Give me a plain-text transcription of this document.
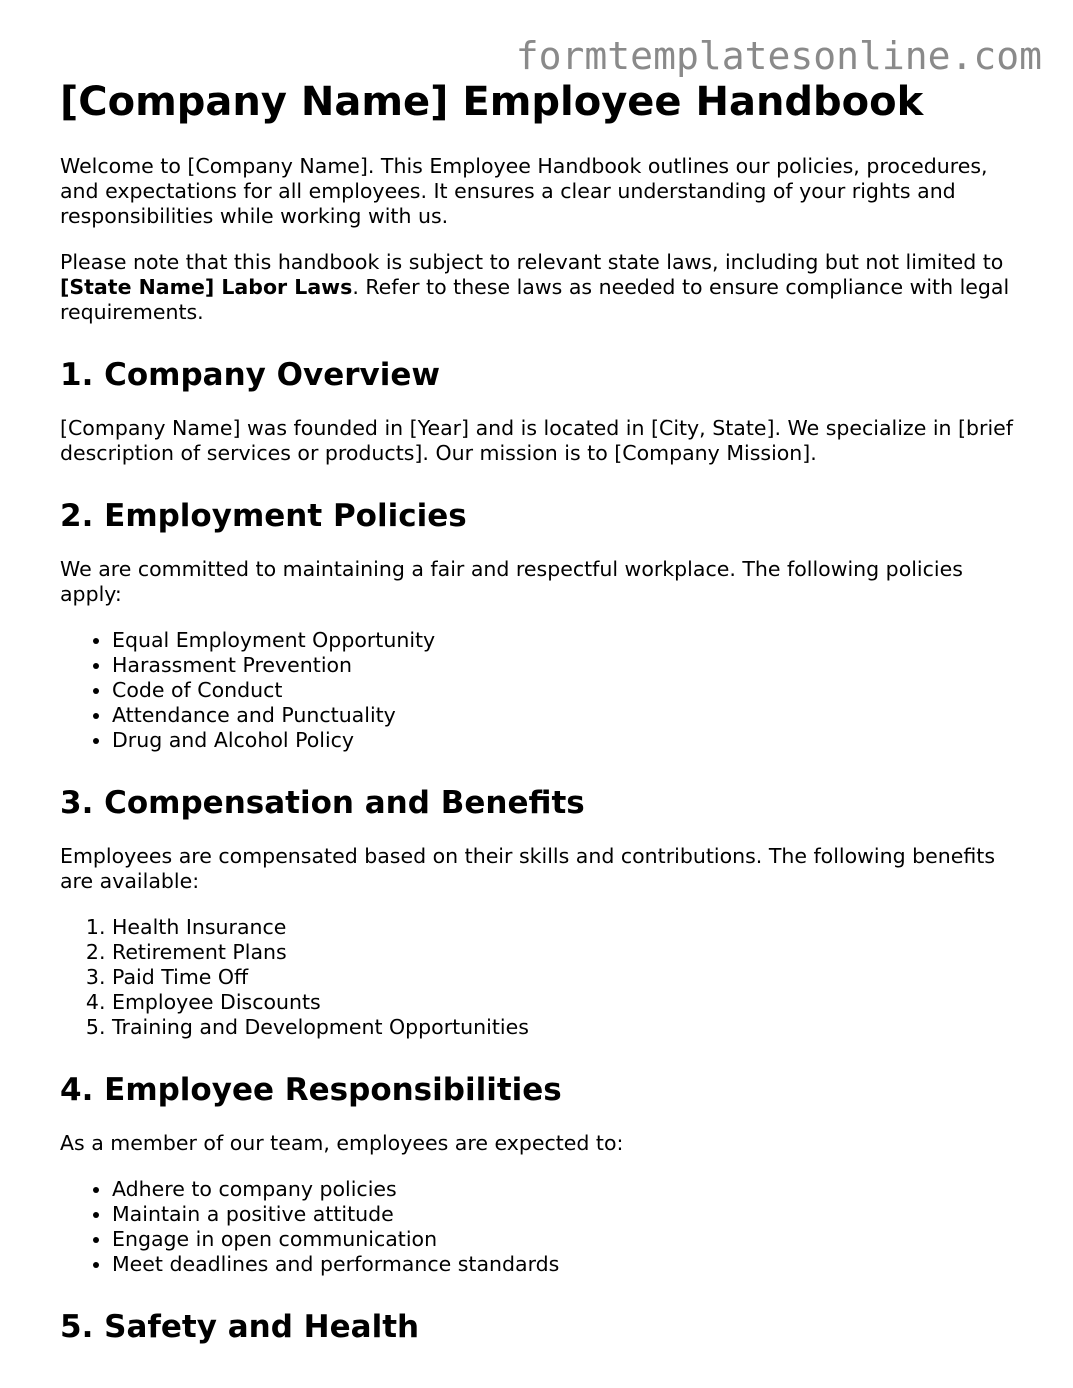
formtemplatesonline.com
[Company Name] Employee Handbook

Welcome to [Company Name]. This Employee Handbook outlines our policies, procedures, and expectations for all employees. It ensures a clear understanding of your rights and responsibilities while working with us.

Please note that this handbook is subject to relevant state laws, including but not limited to [State Name] Labor Laws. Refer to these laws as needed to ensure compliance with legal requirements.

1. Company Overview

[Company Name] was founded in [Year] and is located in [City, State]. We specialize in [brief description of services or products]. Our mission is to [Company Mission].

2. Employment Policies

We are committed to maintaining a fair and respectful workplace. The following policies apply:

• Equal Employment Opportunity
• Harassment Prevention
• Code of Conduct
• Attendance and Punctuality
• Drug and Alcohol Policy
3. Compensation and Benefits

Employees are compensated based on their skills and contributions. The following benefits are available:

1. Health Insurance
2. Retirement Plans
3. Paid Time Off
4. Employee Discounts
5. Training and Development Opportunities
4. Employee Responsibilities

As a member of our team, employees are expected to:

• Adhere to company policies
• Maintain a positive attitude
• Engage in open communication
• Meet deadlines and performance standards
5. Safety and Health
